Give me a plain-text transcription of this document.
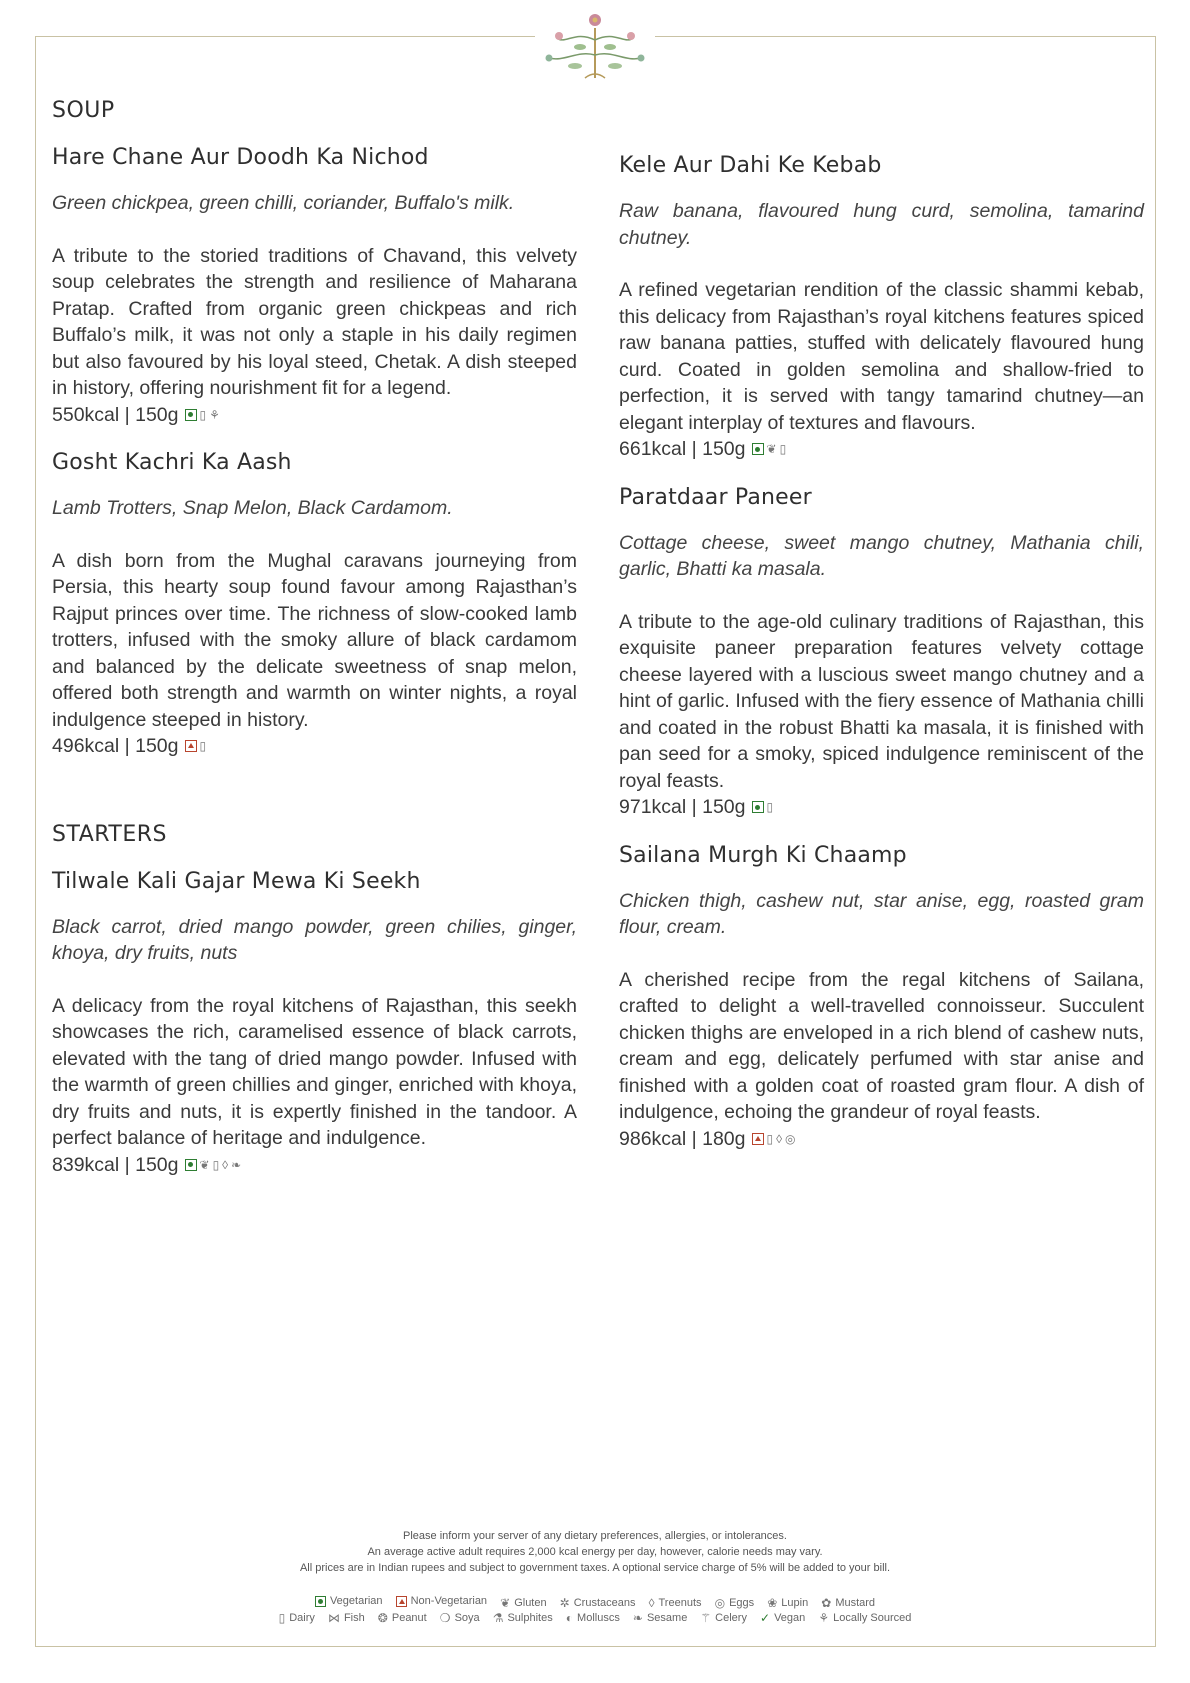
SOUP
Hare Chane Aur Doodh Ka Nichod

Green chickpea, green chilli, coriander, Buffalo's milk.

A tribute to the storied traditions of Chavand, this velvety soup celebrates the strength and resilience of Maharana Pratap. Crafted from organic green chickpeas and rich Buffalo’s milk, it was not only a staple in his daily regimen but also favoured by his loyal steed, Chetak. A dish steeped in history, offering nourishment fit for a legend.

550kcal | 150g ▯ ⚘
Gosht Kachri Ka Aash

Lamb Trotters, Snap Melon, Black Cardamom.

A dish born from the Mughal caravans journeying from Persia, this hearty soup found favour among Rajasthan’s Rajput princes over time. The richness of slow-cooked lamb trotters, infused with the smoky allure of black cardamom and balanced by the delicate sweetness of snap melon, offered both strength and warmth on winter nights, a royal indulgence steeped in history.

496kcal | 150g ▯
STARTERS
Tilwale Kali Gajar Mewa Ki Seekh

Black carrot, dried mango powder, green chilies, ginger, khoya, dry fruits, nuts

A delicacy from the royal kitchens of Rajasthan, this seekh showcases the rich, caramelised essence of black carrots, elevated with the tang of dried mango powder. Infused with the warmth of green chillies and ginger, enriched with khoya, dry fruits and nuts, it is expertly finished in the tandoor. A perfect balance of heritage and indulgence.

839kcal | 150g ❦ ▯ ◊ ❧
Kele Aur Dahi Ke Kebab

Raw banana, flavoured hung curd, semolina, tamarind chutney.

A refined vegetarian rendition of the classic shammi kebab, this delicacy from Rajasthan’s royal kitchens features spiced raw banana patties, stuffed with delicately flavoured hung curd. Coated in golden semolina and shallow-fried to perfection, it is served with tangy tamarind chutney—an elegant interplay of textures and flavours.

661kcal | 150g ❦ ▯
Paratdaar Paneer

Cottage cheese, sweet mango chutney, Mathania chili, garlic, Bhatti ka masala.

A tribute to the age-old culinary traditions of Rajasthan, this exquisite paneer preparation features velvety cottage cheese layered with a luscious sweet mango chutney and a hint of garlic. Infused with the fiery essence of Mathania chilli and coated in the robust Bhatti ka masala, it is finished with pan seed for a smoky, spiced indulgence reminiscent of the royal feasts.

971kcal | 150g ▯
Sailana Murgh Ki Chaamp

Chicken thigh, cashew nut, star anise, egg, roasted gram flour, cream.

A cherished recipe from the regal kitchens of Sailana, crafted to delight a well-travelled connoisseur. Succulent chicken thighs are enveloped in a rich blend of cashew nuts, cream and egg, delicately perfumed with star anise and finished with a golden coat of roasted gram flour. A dish of indulgence, echoing the grandeur of royal feasts.

986kcal | 180g ▯ ◊ ◎
Please inform your server of any dietary preferences, allergies, or intolerances.
An average active adult requires 2,000 kcal energy per day, however, calorie needs may vary.
All prices are in Indian rupees and subject to government taxes. A optional service charge of 5% will be added to your bill.
Vegetarian
	Non-Vegetarian
❦ Gluten
✲ Crustaceans
◊ Treenuts
◎ Eggs
❀ Lupin
✿ Mustard
▯ Dairy
⋈ Fish
❂ Peanut
❍ Soya
⚗ Sulphites
◐ Molluscs
❧ Sesame
⚚ Celery
✓ Vegan
⚘ Locally Sourced
